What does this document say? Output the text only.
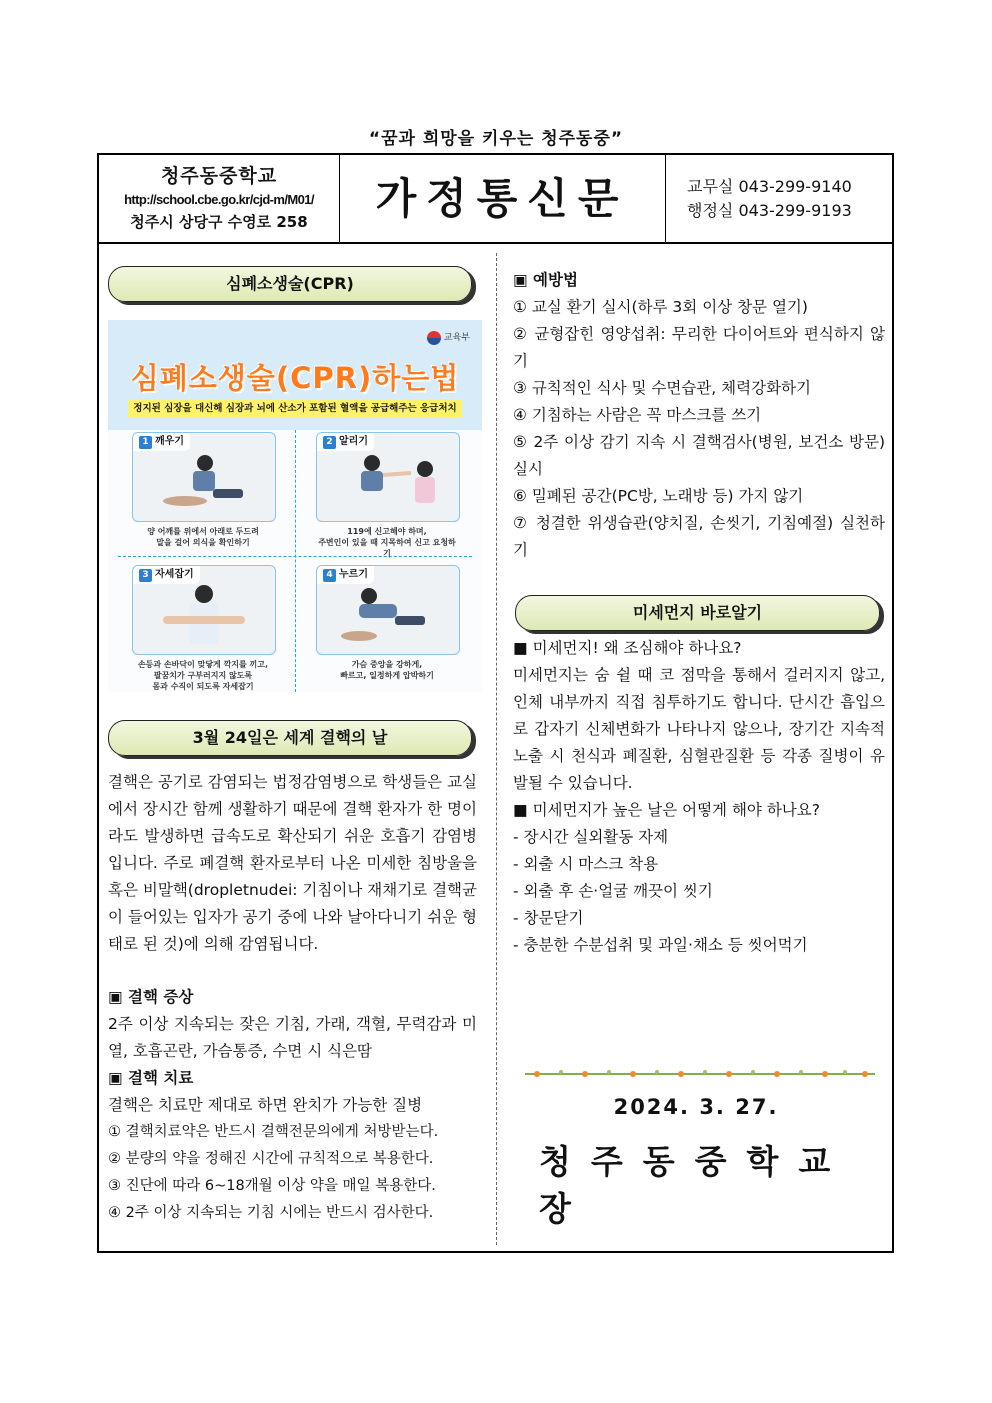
“꿈과 희망을 키우는 청주동중”
청주동중학교
http://school.cbe.go.kr/cjd-m/M01/
청주시 상당구 수영로 258	가정통신문	교무실 043-299-9140
행정실 043-299-9193
심폐소생술(CPR)
교육부
심폐소생술(CPR)하는법
정지된 심장을 대신해 심장과 뇌에 산소가 포함된 혈액을 공급해주는 응급처치
1 깨우기
양 어깨를 위에서 아래로 두드려
말을 걸어 의식을 확인하기
2 알리기
119에 신고해야 하며,
주변인이 있을 때 지목하여 신고 요청하기
3 자세잡기
손등과 손바닥이 맞닿게 깍지를 끼고,
팔꿈치가 구부러지지 않도록
몸과 수직이 되도록 자세잡기
4 누르기
가슴 중앙을 강하게,
빠르고, 일정하게 압박하기
3월 24일은 세계 결핵의 날

결핵은 공기로 감염되는 법정감염병으로 학생들은 교실에서 장시간 함께 생활하기 때문에 결핵 환자가 한 명이라도 발생하면 급속도로 확산되기 쉬운 호흡기 감염병입니다. 주로 폐결핵 환자로부터 나온 미세한 침방울을 혹은 비말핵(dropletnudei: 기침이나 재채기로 결핵균이 들어있는 입자가 공기 중에 나와 날아다니기 쉬운 형태로 된 것)에 의해 감염됩니다.

▣ 결핵 증상

2주 이상 지속되는 잦은 기침, 가래, 객혈, 무력감과 미열, 호흡곤란, 가슴통증, 수면 시 식은땀

▣ 결핵 치료

결핵은 치료만 제대로 하면 완치가 가능한 질병

① 결핵치료약은 반드시 결핵전문의에게 처방받는다.

② 분량의 약을 정해진 시간에 규칙적으로 복용한다.

③ 진단에 따라 6~18개월 이상 약을 매일 복용한다.

④ 2주 이상 지속되는 기침 시에는 반드시 검사한다.

▣ 예방법

① 교실 환기 실시(하루 3회 이상 창문 열기)

② 균형잡힌 영양섭취: 무리한 다이어트와 편식하지 않기

③ 규칙적인 식사 및 수면습관, 체력강화하기

④ 기침하는 사람은 꼭 마스크를 쓰기

⑤ 2주 이상 감기 지속 시 결핵검사(병원, 보건소 방문) 실시

⑥ 밀폐된 공간(PC방, 노래방 등) 가지 않기

⑦ 청결한 위생습관(양치질, 손씻기, 기침예절) 실천하기

미세먼지 바로알기

■ 미세먼지! 왜 조심해야 하나요?

미세먼지는 숨 쉴 때 코 점막을 통해서 걸러지지 않고, 인체 내부까지 직접 침투하기도 합니다. 단시간 흡입으로 갑자기 신체변화가 나타나지 않으나, 장기간 지속적 노출 시 천식과 폐질환, 심혈관질환 등 각종 질병이 유발될 수 있습니다.

■ 미세먼지가 높은 날은 어떻게 해야 하나요?

- 장시간 실외활동 자제

- 외출 시 마스크 착용

- 외출 후 손·얼굴 깨끗이 씻기

- 창문닫기

- 충분한 수분섭취 및 과일·채소 등 씻어먹기

2024. 3. 27.
청주동중학교장
